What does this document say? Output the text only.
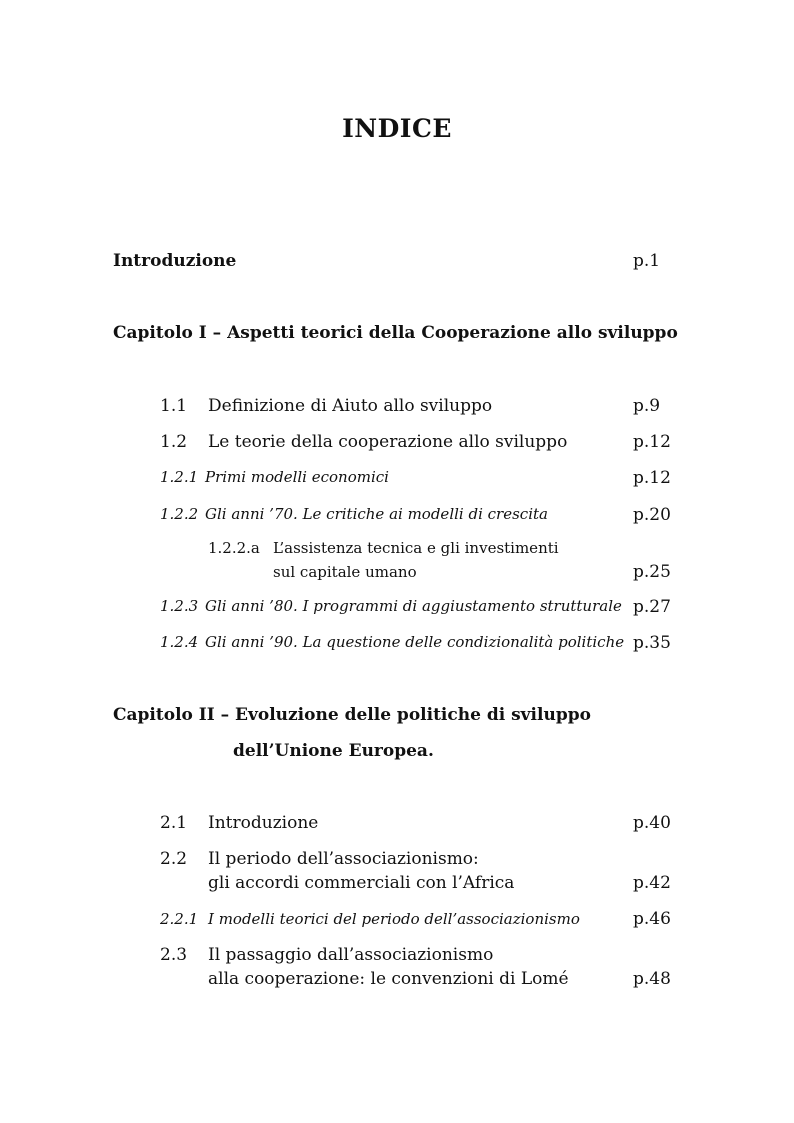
INDICE
Introduzione	p.1
Capitolo I – Aspetti teorici della Cooperazione allo sviluppo
1.1 Definizione di Aiuto allo sviluppo	p.9
1.2 Le teorie della cooperazione allo sviluppo	p.12
1.2.1 Primi modelli economici	p.12
1.2.2 Gli anni ’70. Le critiche ai modelli di crescita	p.20
1.2.2.a L’assistenza tecnica e gli investimenti
sul capitale umano	p.25
1.2.3 Gli anni ’80. I programmi di aggiustamento strutturale p.27
1.2.4 Gli anni ’90. La questione delle condizionalità politiche p.35
Capitolo II – Evoluzione delle politiche di sviluppo
dell’Unione Europea.
2.1 Introduzione	p.40
2.2 Il periodo dell’associazionismo:
gli accordi commerciali con l’Africa	p.42
2.2.1 I modelli teorici del periodo dell’associazionismo	p.46
2.3 Il passaggio dall’associazionismo
alla cooperazione: le convenzioni di Lomé	p.48
